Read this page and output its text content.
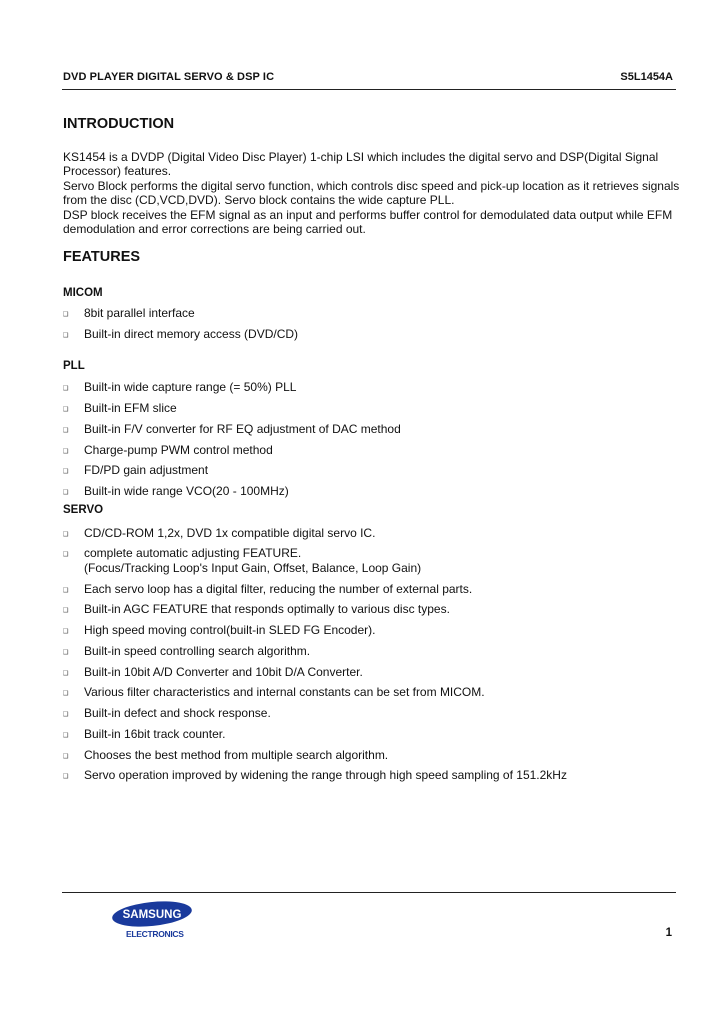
DVD PLAYER DIGITAL SERVO & DSP IC	S5L1454A
INTRODUCTION

KS1454 is a DVDP (Digital Video Disc Player) 1-chip LSI which includes the digital servo and DSP(Digital Signal Processor) features.

Servo Block performs the digital servo function, which controls disc speed and pick-up location as it retrieves signals from the disc (CD,VCD,DVD). Servo block contains the wide capture PLL.

DSP block receives the EFM signal as an input and performs buffer control for demodulated data output while EFM demodulation and error corrections are being carried out.

FEATURES
MICOM
❑	8bit parallel interface
❑	Built-in direct memory access (DVD/CD)
PLL
❑	Built-in wide capture range (= 50%) PLL
❑	Built-in EFM slice
❑	Built-in F/V converter for RF EQ adjustment of DAC method
❑	Charge-pump PWM control method
❑	FD/PD gain adjustment
❑	Built-in wide range VCO(20 - 100MHz)
SERVO
❑	CD/CD-ROM 1,2x, DVD 1x compatible digital servo IC.
❑	complete automatic adjusting FEATURE.
(Focus/Tracking Loop's Input Gain, Offset, Balance, Loop Gain)
❑	Each servo loop has a digital filter, reducing the number of external parts.
❑	Built-in AGC FEATURE that responds optimally to various disc types.
❑	High speed moving control(built-in SLED FG Encoder).
❑	Built-in speed controlling search algorithm.
❑	Built-in 10bit A/D Converter and 10bit D/A Converter.
❑	Various filter characteristics and internal constants can be set from MICOM.
❑	Built-in defect and shock response.
❑	Built-in 16bit track counter.
❑	Chooses the best method from multiple search algorithm.
❑	Servo operation improved by widening the range through high speed sampling of 151.2kHz
SAMSUNG
ELECTRONICS	1
